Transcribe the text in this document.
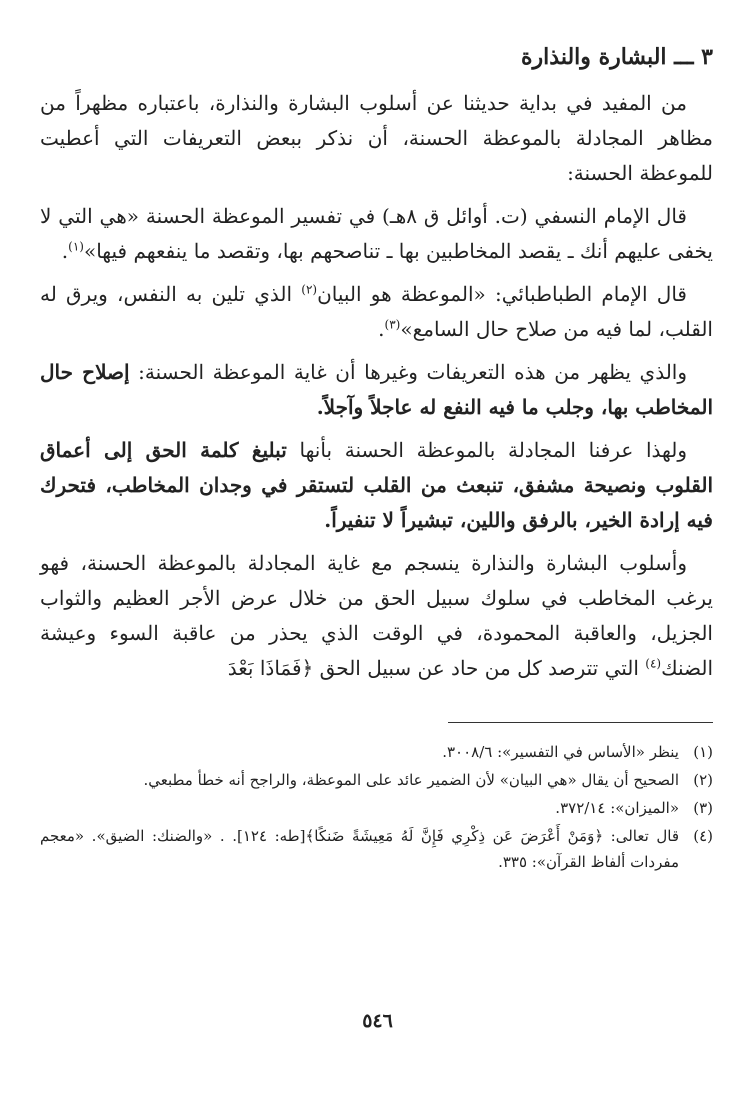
٣ ـــ البشارة والنذارة

من المفيد في بداية حديثنا عن أسلوب البشارة والنذارة، باعتباره مظهراً من مظاهر المجادلة بالموعظة الحسنة، أن نذكر ببعض التعريفات التي أعطيت للموعظة الحسنة:

قال الإمام النسفي (ت. أوائل ق ٨هـ) في تفسير الموعظة الحسنة «هي التي لا يخفى عليهم أنك ـ يقصد المخاطبين بها ـ تناصحهم بها، وتقصد ما ينفعهم فيها»$^{(١)}$.

قال الإمام الطباطبائي: «الموعظة هو البيان$^{(٢)}$ الذي تلين به النفس، ويرق له القلب، لما فيه من صلاح حال السامع»$^{(٣)}$.

والذي يظهر من هذه التعريفات وغيرها أن غاية الموعظة الحسنة: إصلاح حال المخاطب بها، وجلب ما فيه النفع له عاجلاً وآجلاً.

ولهذا عرفنا المجادلة بالموعظة الحسنة بأنها تبليغ كلمة الحق إلى أعماق القلوب ونصيحة مشفق، تنبعث من القلب لتستقر في وجدان المخاطب، فتحرك فيه إرادة الخير، بالرفق واللين، تبشيراً لا تنفيراً.

وأسلوب البشارة والنذارة ينسجم مع غاية المجادلة بالموعظة الحسنة، فهو يرغب المخاطب في سلوك سبيل الحق من خلال عرض الأجر العظيم والثواب الجزيل، والعاقبة المحمودة، في الوقت الذي يحذر من عاقبة السوء وعيشة الضنك$^{(٤)}$ التي تترصد كل من حاد عن سبيل الحق ﴿فَمَاذَا بَعْدَ

(١)
ينظر «الأساس في التفسير»: ٣٠٠٨/٦.
(٢)
الصحيح أن يقال «هي البيان» لأن الضمير عائد على الموعظة، والراجح أنه خطأ مطبعي.
(٣)
«الميزان»: ٣٧٢/١٤.
(٤)
قال تعالى: ﴿وَمَنْ أَعْرَضَ عَن ذِكْرِي فَإِنَّ لَهُ مَعِيشَةً ضَنكًا﴾[طه: ١٢٤]. . «والضنك: الضيق». «معجم مفردات ألفاظ القرآن»: ٣٣٥.
٥٤٦
